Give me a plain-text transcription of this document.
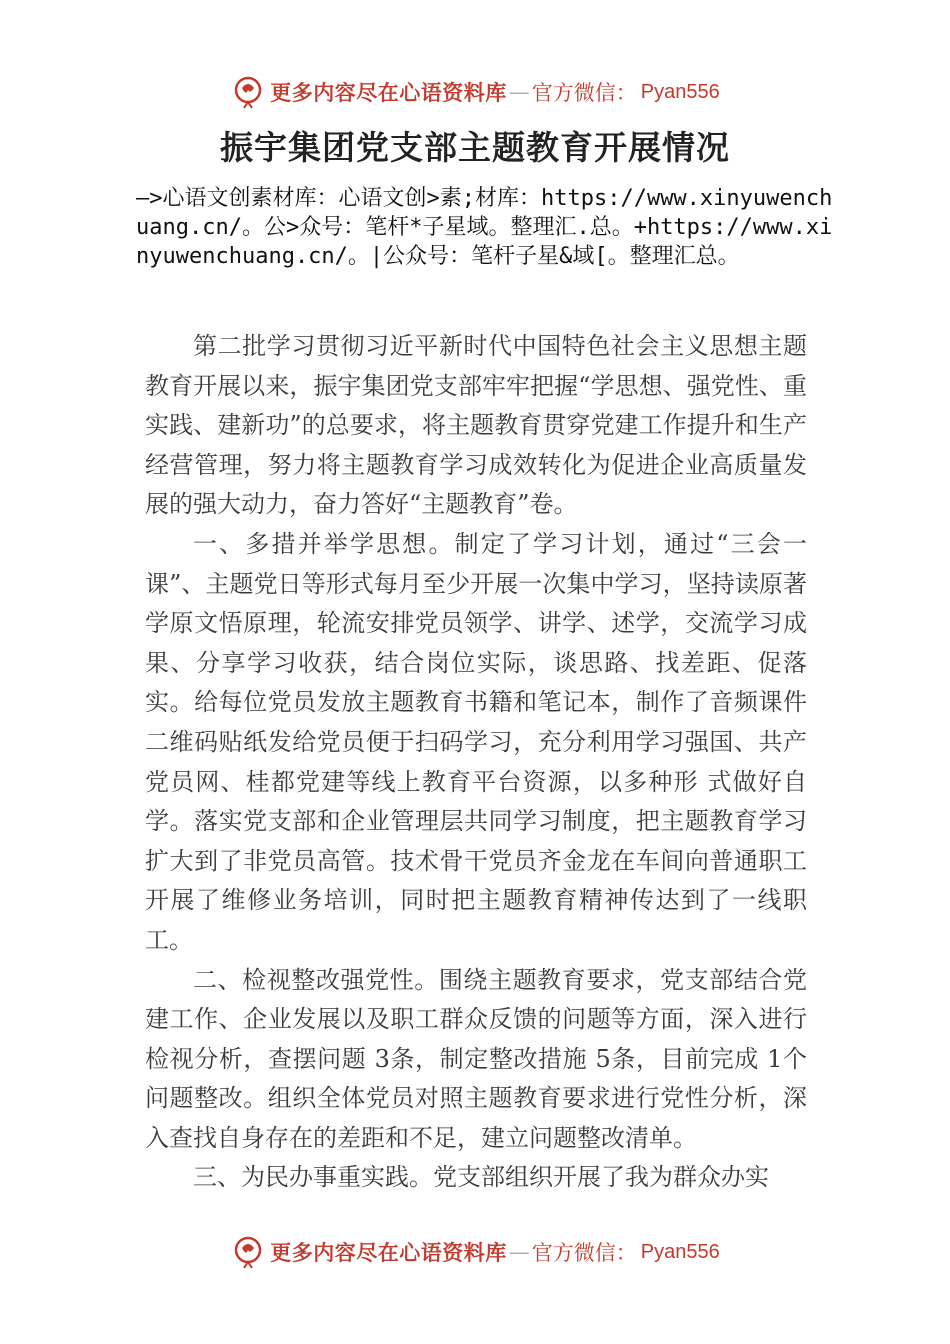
更多内容尽在心语资料库 — 官方微信： Pyan556
振宇集团党支部主题教育开展情况
—>心语文创素材库：心语文创>素;材库：https://www.xinyuwenchuang.cn/。公>众号：笔杆*子星域。整理汇.总。+https://www.xinyuwenchuang.cn/。|公众号：笔杆子星&域[。整理汇总。

第二批学习贯彻习近平新时代中国特色社会主义思想主题教育开展以来，振宇集团党支部牢牢把握“学思想、强党性、重实践、建新功”的总要求，将主题教育贯穿党建工作提升和生产经营管理，努力将主题教育学习成效转化为促进企业高质量发展的强大动力，奋力答好“主题教育”卷。

一、多措并举学思想。制定了学习计划，通过“三会一课”、主题党日等形式每月至少开展一次集中学习，坚持读原著学原文悟原理，轮流安排党员领学、讲学、述学，交流学习成果、分享学习收获，结合岗位实际，谈思路、找差距、促落实。给每位党员发放主题教育书籍和笔记本，制作了音频课件二维码贴纸发给党员便于扫码学习，充分利用学习强国、共产党员网、桂都党建等线上教育平台资源，以多种形 式做好自学。落实党支部和企业管理层共同学习制度，把主题教育学习扩大到了非党员高管。技术骨干党员齐金龙在车间向普通职工开展了维修业务培训，同时把主题教育精神传达到了一线职工。

二、检视整改强党性。围绕主题教育要求，党支部结合党建工作、企业发展以及职工群众反馈的问题等方面，深入进行检视分析，查摆问题 3条，制定整改措施 5条，目前完成 1个问题整改。组织全体党员对照主题教育要求进行党性分析，深入查找自身存在的差距和不足，建立问题整改清单。

三、为民办事重实践。党支部组织开展了我为群众办实

更多内容尽在心语资料库 — 官方微信： Pyan556
